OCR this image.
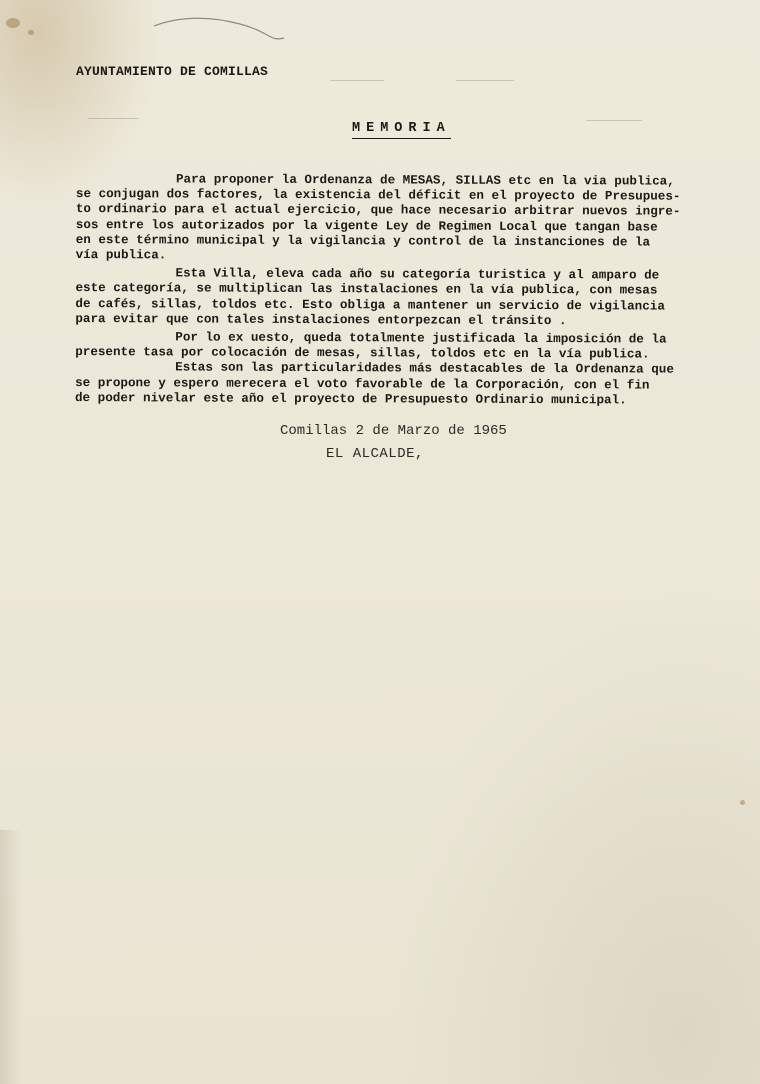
AYUNTAMIENTO DE COMILLAS
MEMORIA
Para proponer la Ordenanza de MESAS, SILLAS etc en la via publica,
se conjugan dos factores, la existencia del déficit en el proyecto de Presupues-
to ordinario para el actual ejercicio, que hace necesario arbitrar nuevos ingre-
sos entre los autorizados por la vigente Ley de Regimen Local que tangan base
en este término municipal y la vigilancia y control de la instanciones de la
vía publica.
Esta Villa, eleva cada año su categoría turistica y al amparo de
este categoría, se multiplican las instalaciones en la vía publica, con mesas
de cafés, sillas, toldos etc. Esto obliga a mantener un servicio de vigilancia
para evitar que con tales instalaciones entorpezcan el tránsito .
Por lo ex uesto, queda totalmente justificada la imposición de la
presente tasa por colocación de mesas, sillas, toldos etc en la vía publica.
Estas son las particularidades más destacables de la Ordenanza que
se propone y espero merecera el voto favorable de la Corporación, con el fin
de poder nivelar este año el proyecto de Presupuesto Ordinario municipal.
Comillas 2 de Marzo de 1965
EL ALCALDE,
